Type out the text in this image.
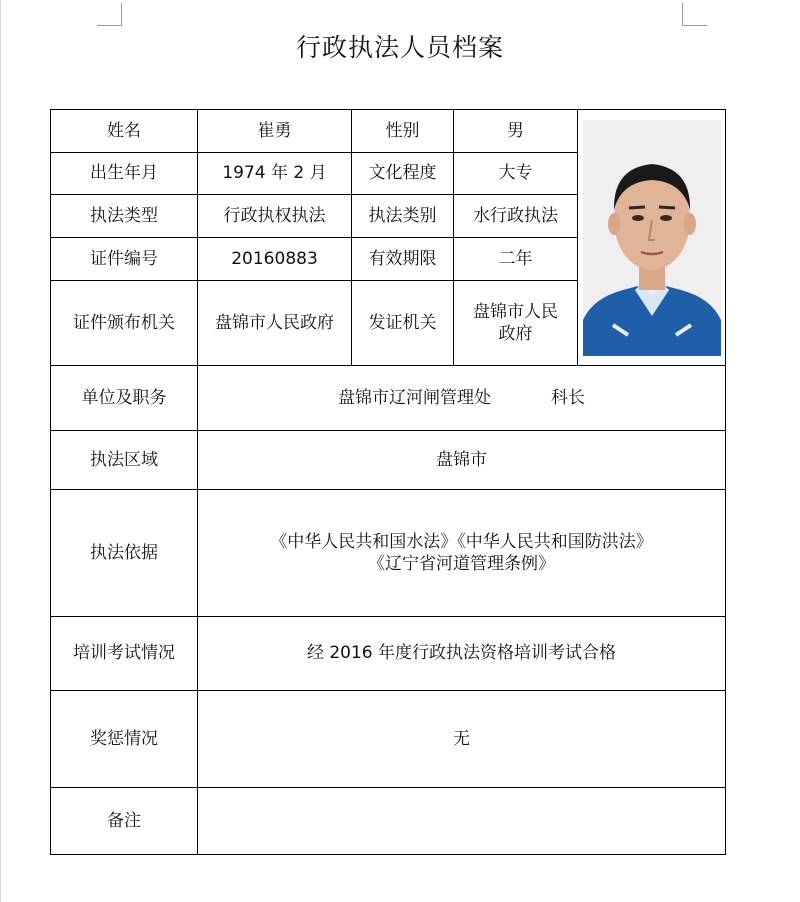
行政执法人员档案
姓名	崔勇	性别	男	

出生年月	1974 年 2 月	文化程度	大专	
执法类型	行政执权执法	执法类别	水行政执法	
证件编号	20160883	有效期限	二年	
证件颁布机关	盘锦市人民政府	发证机关	盘锦市人民
政府	

单位及职务	盘锦市辽河闸管理处 科长			
执法区域	盘锦市			
执法依据	《中华人民共和国水法》《中华人民共和国防洪法》
《辽宁省河道管理条例》			

培训考试情况	经 2016 年度行政执法资格培训考试合格			
奖惩情况	无			
备注				
